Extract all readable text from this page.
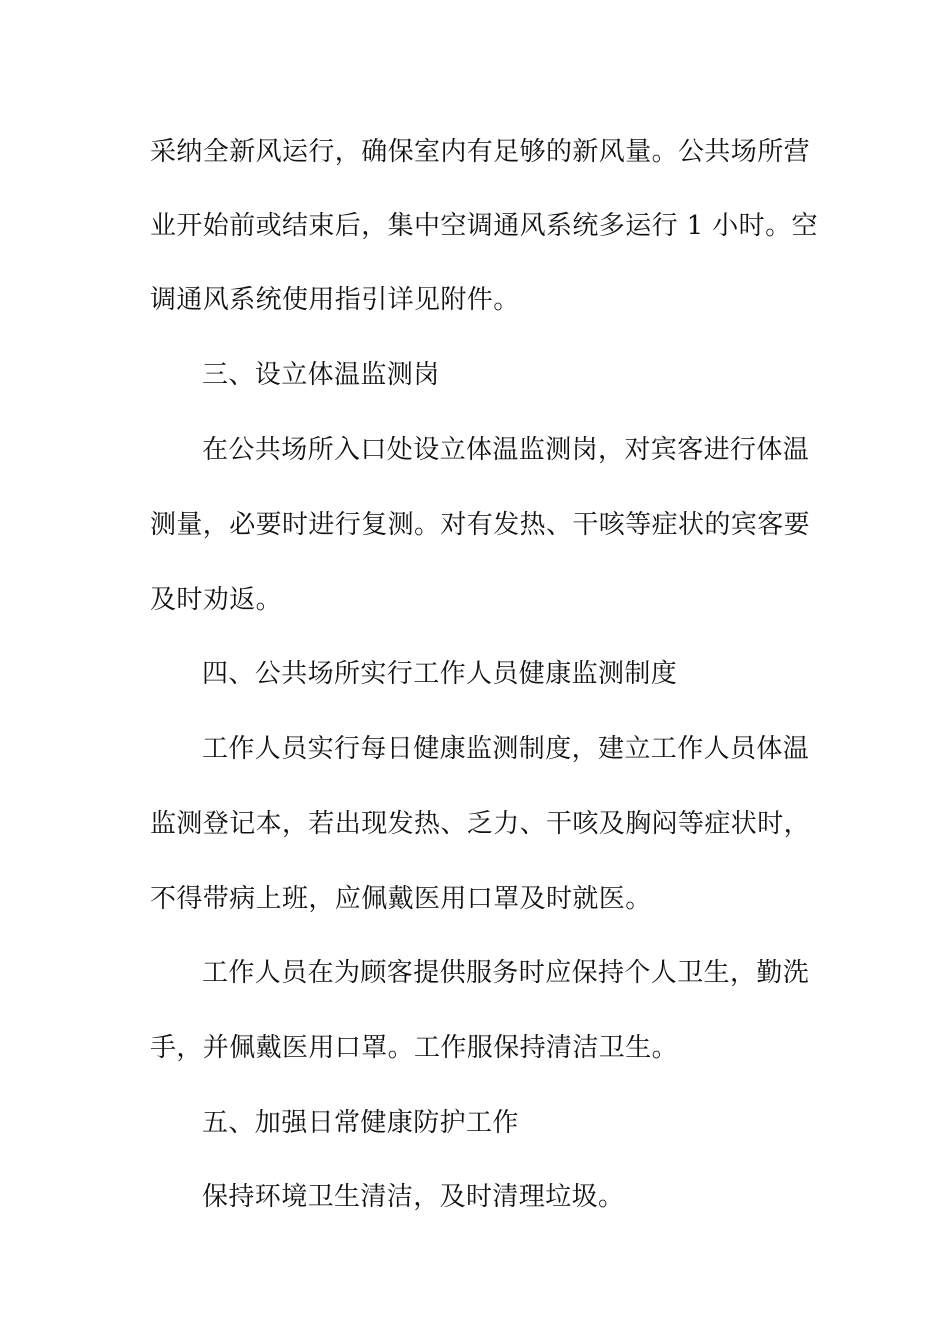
采纳全新风运行，确保室内有足够的新风量。公共场所营
业开始前或结束后，集中空调通风系统多运行 1 小时。空
调通风系统使用指引详见附件。
三、设立体温监测岗
在公共场所入口处设立体温监测岗，对宾客进行体温
测量，必要时进行复测。对有发热、干咳等症状的宾客要
及时劝返。
四、公共场所实行工作人员健康监测制度
工作人员实行每日健康监测制度，建立工作人员体温
监测登记本，若出现发热、乏力、干咳及胸闷等症状时，
不得带病上班，应佩戴医用口罩及时就医。
工作人员在为顾客提供服务时应保持个人卫生，勤洗
手，并佩戴医用口罩。工作服保持清洁卫生。
五、加强日常健康防护工作
保持环境卫生清洁，及时清理垃圾。
